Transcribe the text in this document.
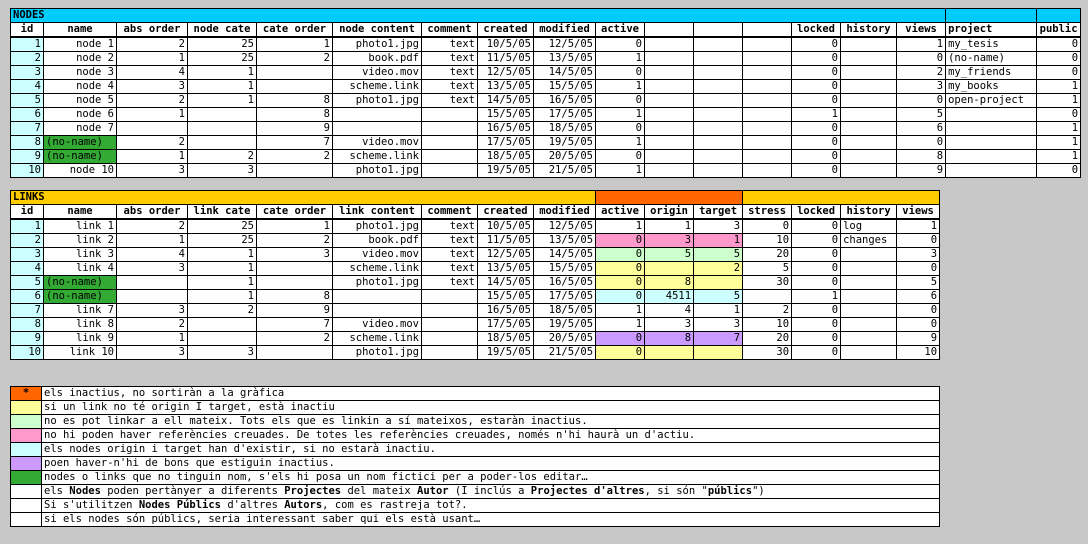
NODES																	
id	name	abs order	node cate	cate order	node content	comment	created	modified	active				locked	history	views	project	public
1	node 1	2	25	1	photo1.jpg	text	10/5/05	12/5/05	0				0		1	my_tesis	0
2	node 2	1	25	2	book.pdf	text	11/5/05	13/5/05	1				0		0	(no-name)	0
3	node 3	4	1		video.mov	text	12/5/05	14/5/05	0				0		2	my_friends	0
4	node 4	3	1		scheme.link	text	13/5/05	15/5/05	1				0		3	my_books	1
5	node 5	2	1	8	photo1.jpg	text	14/5/05	16/5/05	0				0		0	open-project	1
6	node 6	1		8			15/5/05	17/5/05	1				1		5		0
7	node 7			9			16/5/05	18/5/05	0				0		6		1
8	(no-name)	2		7	video.mov		17/5/05	19/5/05	1				0		0		1
9	(no-name)	1	2	2	scheme.link		18/5/05	20/5/05	0				0		8		1
10	node 10	3	3		photo1.jpg		19/5/05	21/5/05	1				0		9		0
LINKS															
id	name	abs order	link cate	cate order	link content	comment	created	modified	active	origin	target	stress	locked	history	views
1	link 1	2	25	1	photo1.jpg	text	10/5/05	12/5/05	1	1	3	0	0	log	1
2	link 2	1	25	2	book.pdf	text	11/5/05	13/5/05	0	3	1	10	0	changes	0
3	link 3	4	1	3	video.mov	text	12/5/05	14/5/05	0	5	5	20	0		3
4	link 4	3	1		scheme.link	text	13/5/05	15/5/05	0		2	5	0		0
5	(no-name)		1		photo1.jpg	text	14/5/05	16/5/05	0	8		30	0		5
6	(no-name)		1	8			15/5/05	17/5/05	0	4511	5		1		6
7	link 7	3	2	9			16/5/05	18/5/05	1	4	1	2	0		0
8	link 8	2		7	video.mov		17/5/05	19/5/05	1	3	3	10	0		0
9	link 9	1		2	scheme.link		18/5/05	20/5/05	0	8	7	20	0		9
10	link 10	3	3		photo1.jpg		19/5/05	21/5/05	0			30	0		10
*	els inactius, no sortiràn a la gràfica
	si un link no té origin I target, està inactiu
	no es pot linkar a ell mateix. Tots els que es linkin a sí mateixos, estaràn inactius.
	no hi poden haver referències creuades. De totes les referències creuades, només n'hi haurà un d'actiu.
	els nodes origin i target han d'existir, si no estarà inactiu.
	poen haver-n'hi de bons que estiguin inactius.
	nodes o links que no tinguin nom, s'els hi posa un nom fictici per a poder-los editar…
	els Nodes poden pertànyer a diferents Projectes del mateix Autor (I inclús a Projectes d'altres, si són "públics")
	Si s'utilitzen Nodes Públics d'altres Autors, com es rastreja tot?.
	si els nodes són públics, seria interessant saber qui els està usant…
